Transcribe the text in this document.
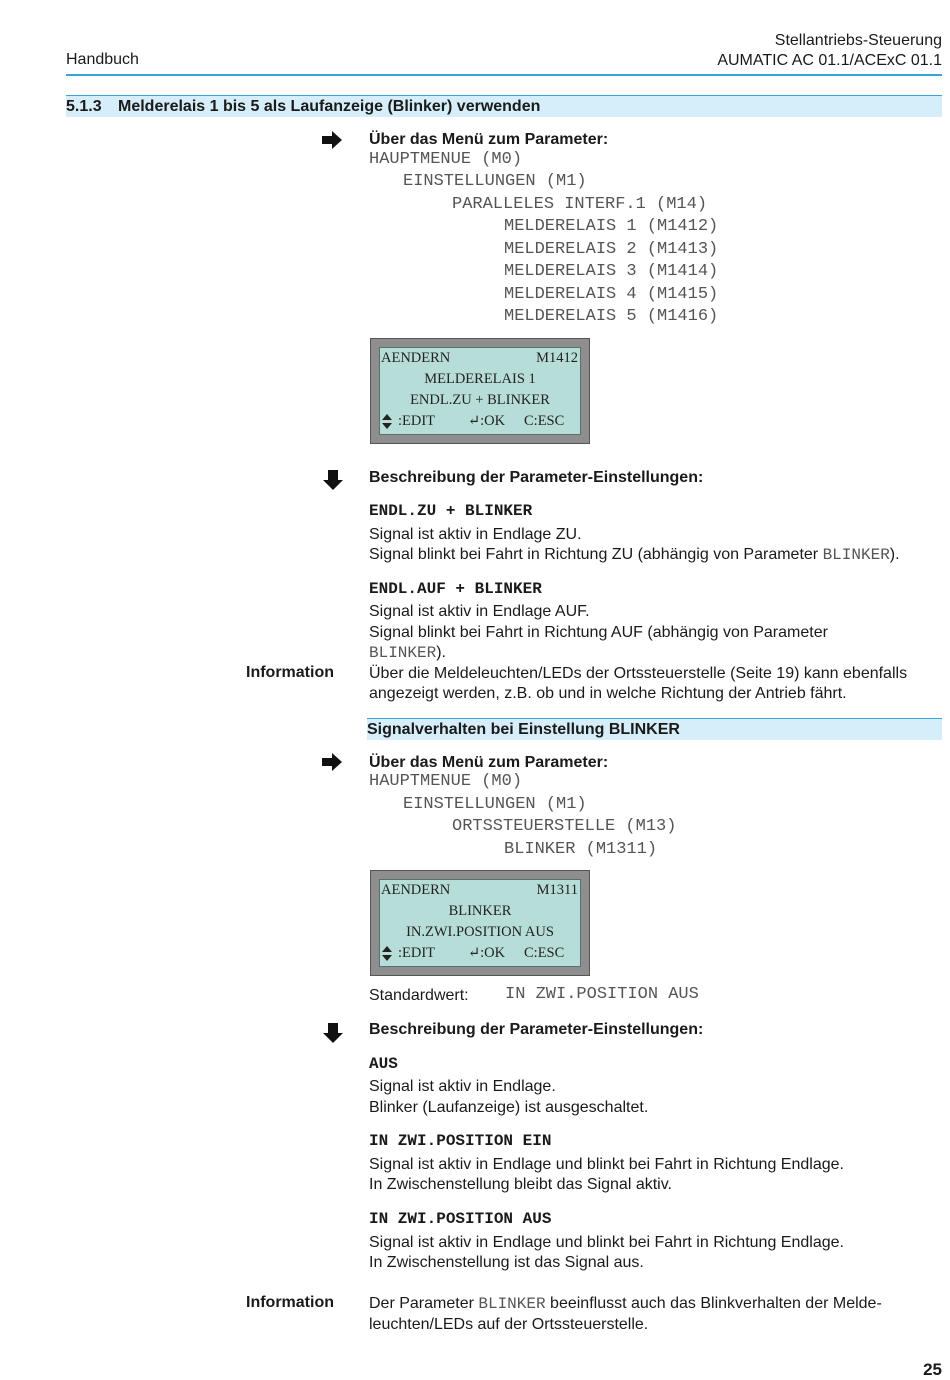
Handbuch
Stellantriebs-Steuerung
AUMATIC AC 01.1/ACExC 01.1
5.1.3 Melderelais 1 bis 5 als Laufanzeige (Blinker) verwenden
Über das Menü zum Parameter:
HAUPTMENUE (M0)
EINSTELLUNGEN (M1)
PARALLELES INTERF.1 (M14)
MELDERELAIS 1 (M1412)
MELDERELAIS 2 (M1413)
MELDERELAIS 3 (M1414)
MELDERELAIS 4 (M1415)
MELDERELAIS 5 (M1416)
AENDERN	M1412
MELDERELAIS 1
ENDL.ZU + BLINKER
:EDIT ↵:OK C:ESC
Beschreibung der Parameter-Einstellungen:
ENDL.ZU + BLINKER
Signal ist aktiv in Endlage ZU.
Signal blinkt bei Fahrt in Richtung ZU (abhängig von Parameter BLINKER).
ENDL.AUF + BLINKER
Signal ist aktiv in Endlage AUF.
Signal blinkt bei Fahrt in Richtung AUF (abhängig von Parameter
BLINKER).
Information Über die Meldeleuchten/LEDs der Ortssteuerstelle (Seite 19) kann ebenfalls
angezeigt werden, z.B. ob und in welche Richtung der Antrieb fährt.
Signalverhalten bei Einstellung BLINKER
Über das Menü zum Parameter:
HAUPTMENUE (M0)
EINSTELLUNGEN (M1)
ORTSSTEUERSTELLE (M13)
BLINKER (M1311)
AENDERN	M1311
BLINKER
IN.ZWI.POSITION AUS
:EDIT ↵:OK C:ESC
Standardwert: IN ZWI.POSITION AUS
Beschreibung der Parameter-Einstellungen:
AUS
Signal ist aktiv in Endlage.
Blinker (Laufanzeige) ist ausgeschaltet.
IN ZWI.POSITION EIN
Signal ist aktiv in Endlage und blinkt bei Fahrt in Richtung Endlage.
In Zwischenstellung bleibt das Signal aktiv.
IN ZWI.POSITION AUS
Signal ist aktiv in Endlage und blinkt bei Fahrt in Richtung Endlage.
In Zwischenstellung ist das Signal aus.
Information Der Parameter BLINKER beeinflusst auch das Blinkverhalten der Melde-
leuchten/LEDs auf der Ortssteuerstelle.
25
